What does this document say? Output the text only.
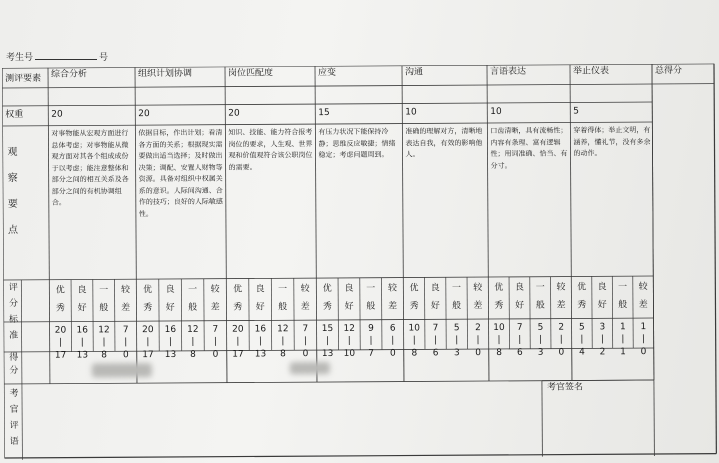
考生号	号
测评要素
权重
观
察
要
点
评
分
标
准
得
分
考
官
评
语
总得分
考官签名
综合分析
20
对事物能从宏观方面进行总体考虑；对事物能从微观方面对其各个组成成份于以考虑；能注意整体和部分之间的相互关系及各部分之间的有机协调组合。
优
秀
20
|
17
良
好
16
|
13
一
般
12
|
8
较
差
7
|
0
组织计划协调
20
依据目标，作出计划；看清各方面的关系；根据现实需要做出适当选择；及时做出决策；调配、安置人财物等资源。具备对组织中权属关系的意识。人际间沟通、合作的技巧；良好的人际敏感性。
优
秀
20
|
17
良
好
16
|
13
一
般
12
|
8
较
差
7
|
0
岗位匹配度
20
知识、技能、能力符合报考岗位的要求，人生观、世界观和价值观符合该公职岗位的需要。
优
秀
20
|
17
良
好
16
|
13
一
般
12
|
8
较
差
7
|
0
应变
15
有压力状况下能保持冷静；思维反应敏捷；情绪稳定；考虑问题周到。
优
秀
15
|
13
良
好
12
|
10
一
般
9
|
7
较
差
6
|
0
沟通
10
准确的理解对方，清晰地表达自我，有效的影响他人。
优
秀
10
|
8
良
好
7
|
6
一
般
5
|
3
较
差
2
|
0
言语表达
10
口齿清晰，具有流畅性；内容有条理、富有逻辑性；用词准确、恰当、有分寸。
优
秀
10
|
8
良
好
7
|
6
一
般
5
|
3
较
差
2
|
0
举止仪表
5
穿着得体；举止文明，有涵养，懂礼节，没有多余的动作。
优
秀
5
|
4
良
好
3
|
2
一
般
1
|
1
较
差
1
|
0
